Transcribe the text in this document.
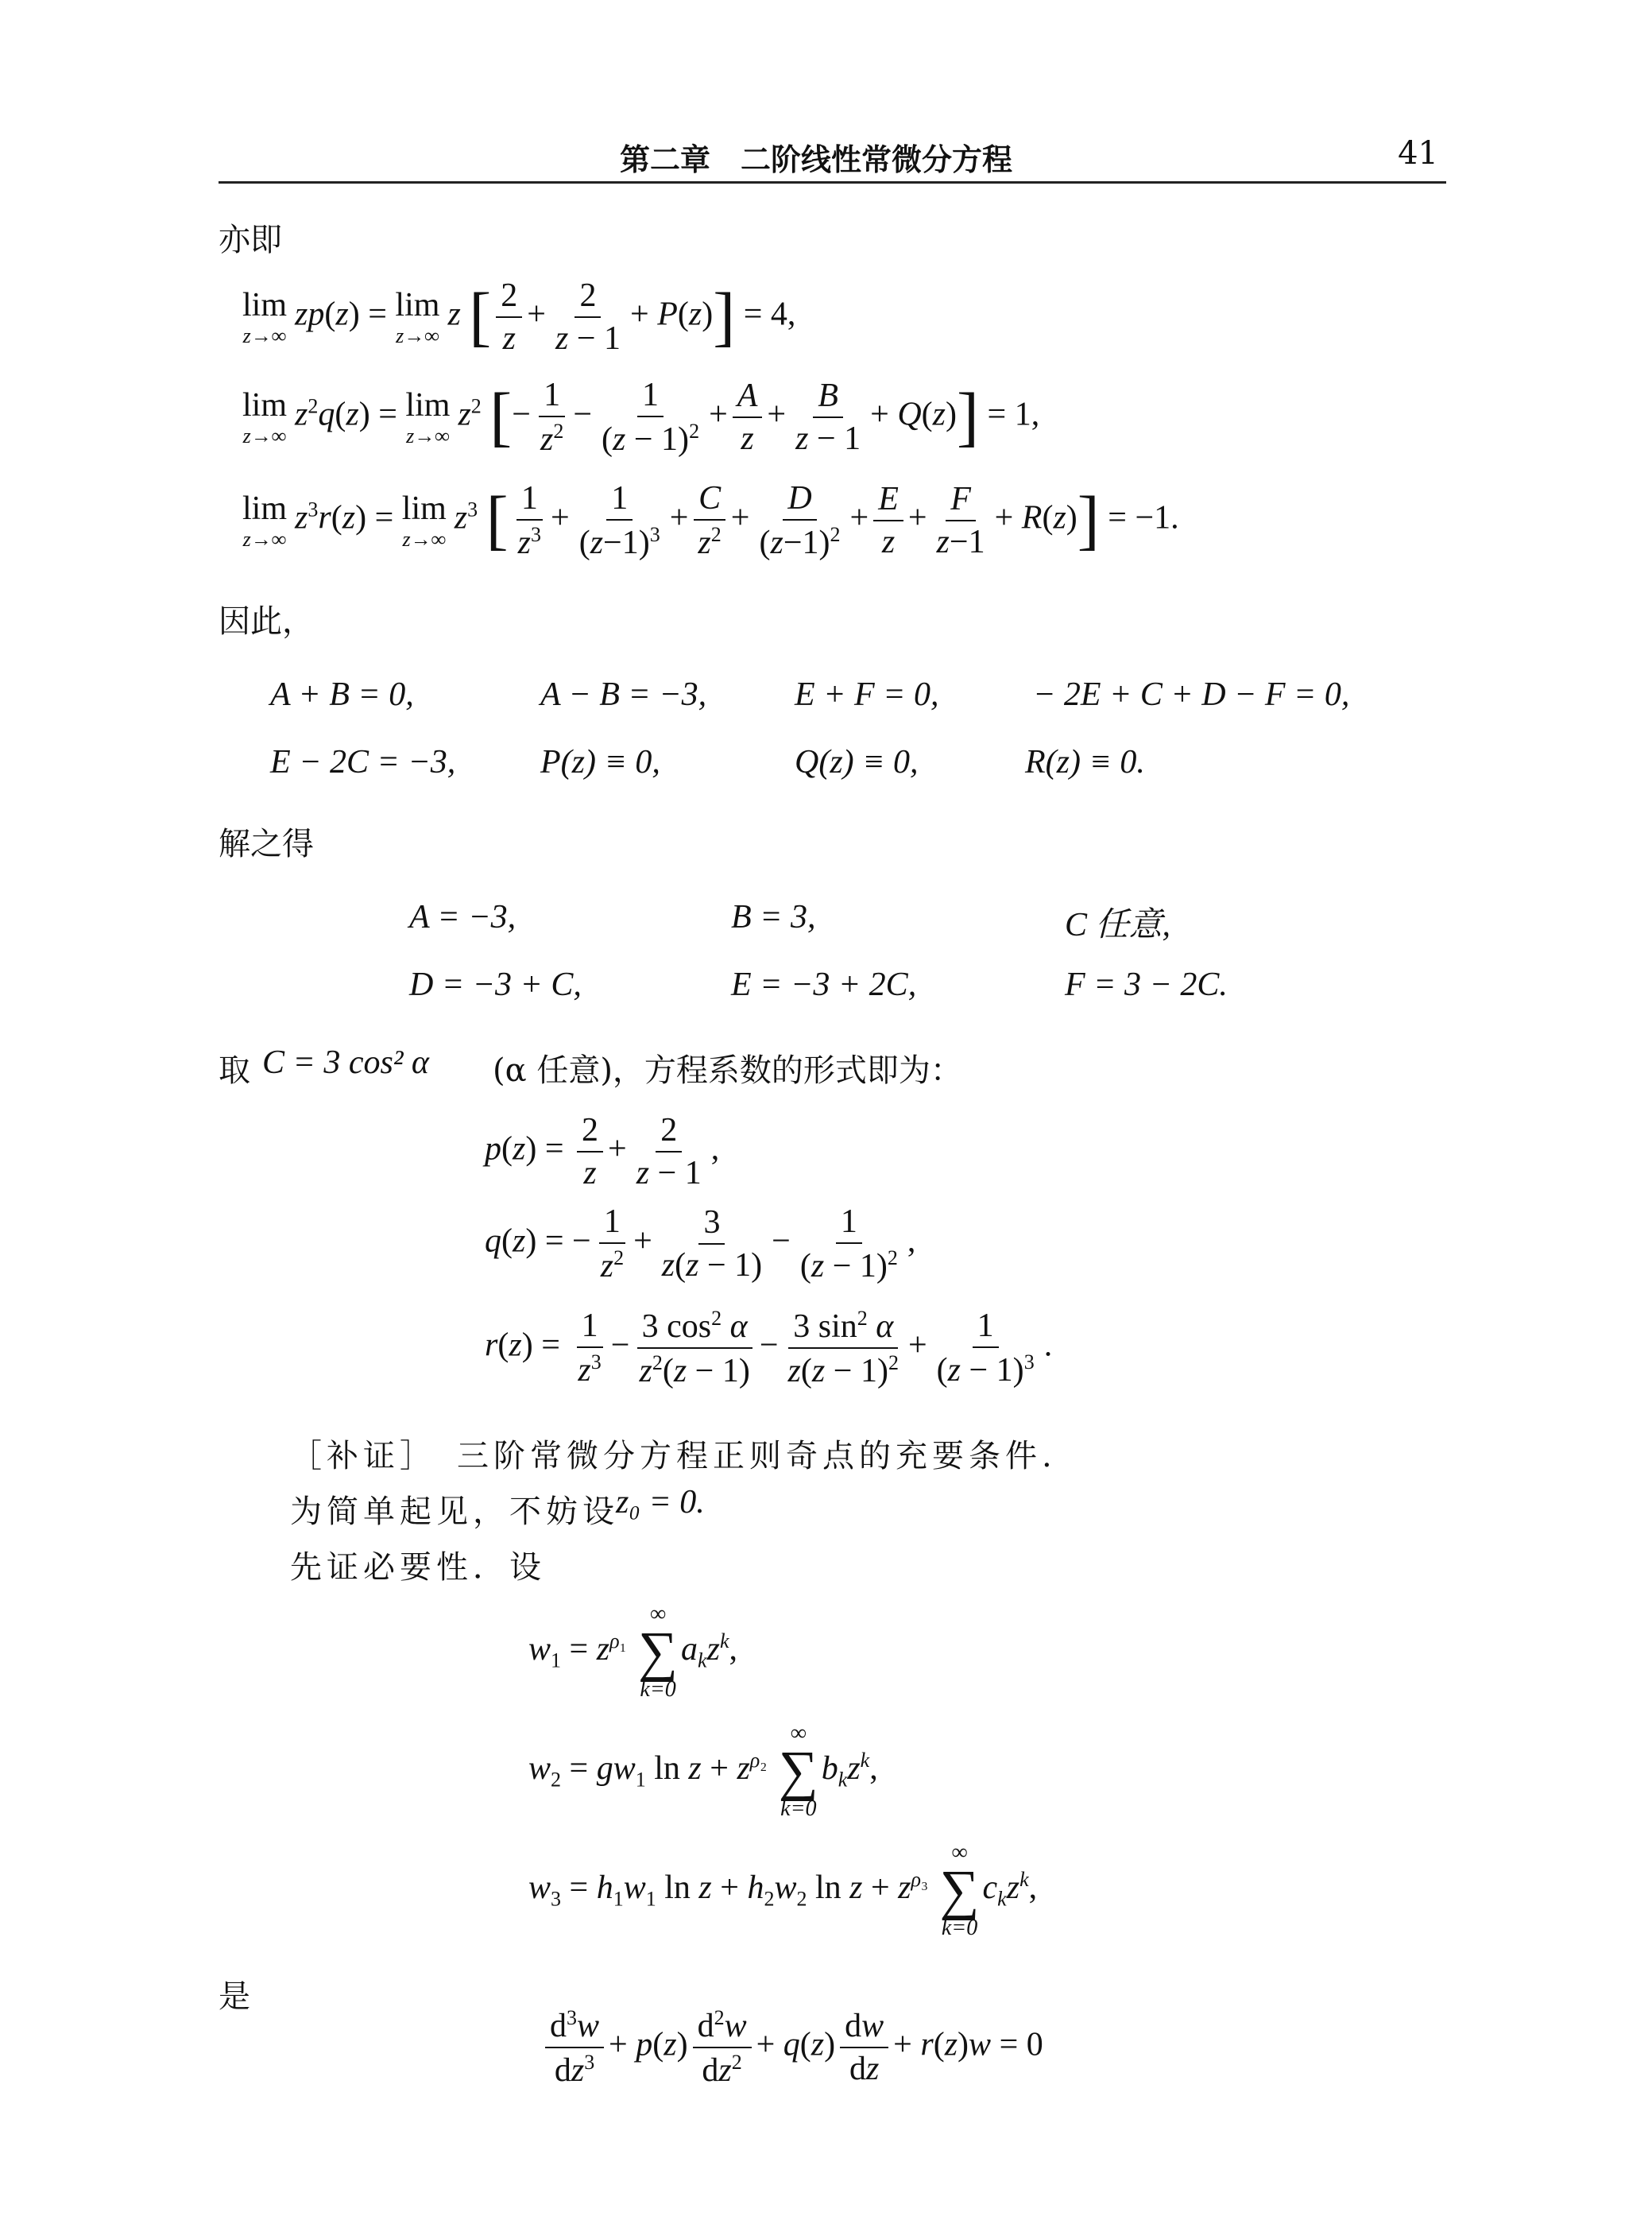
第二章　二阶线性常微分方程	41
亦即
lim
z→∞
zp(z) = lim
z→∞
z [ $\frac{2}{z} + \frac{2}{z - 1} + P(z)] = 4$,
lim
z→∞
$z^2q(z) = \lim$
z→∞
$z^2$ [− $\frac{1}{z^2} - \frac{1}{(z - 1)^2} + \frac{A}{z} + \frac{B}{z - 1} + Q(z)] = 1$,
lim
z→∞
$z^3r(z) = \lim$
z→∞
$z^3$ [ $\frac{1}{z^3} + \frac{1}{(z-1)^3} + \frac{C}{z^2} + \frac{D}{(z-1)^2} + \frac{E}{z} + \frac{F}{z-1} + R(z)] = -1$.
因此，
A + B = 0,	A − B = −3,	E + F = 0,	− 2E + C + D − F = 0,
E − 2C = −3,	P(z) ≡ 0,	Q(z) ≡ 0,	R(z) ≡ 0.
解之得
A = −3,	B = 3,	C 任意,
D = −3 + C,	E = −3 + 2C,	F = 3 − 2C.
取 C = 3 cos² α (α 任意)，方程系数的形式即为：
$p(z) = \frac{2}{z} + \frac{2}{z - 1}$ ,
q(z) = − $\frac{1}{z^2} + \frac{3}{z(z - 1)} - \frac{1}{(z - 1)^2}$ ,
$r(z) = \frac{1}{z^3} - \frac{3 \cos^2 \alpha}{z^2(z - 1)} - \frac{3 \sin^2 \alpha}{z(z - 1)^2} + \frac{1}{(z - 1)^3}$ .
［补证］　三阶常微分方程正则奇点的充要条件.
为简单起见，不妨设
z₀ = 0.
先证必要性．设
$w_1 = z^{\rho_1}$
∞
∑
k=0
$a_kz^k$,
$w_2 = gw_1$ $\ln z + z^{\rho_2}$
∞
∑
k=0
$b_kz^k$,
$w_3 = h_1w_1$ $\ln z + h_2w_2$ $\ln z + z^{\rho_3}$
∞
∑
k=0
$c_kz^k$,
是
$\frac{d^3w}{dz^3} + p(z) \frac{d^2w}{dz^2} + q(z) \frac{dw}{dz} + r(z)w = 0$
